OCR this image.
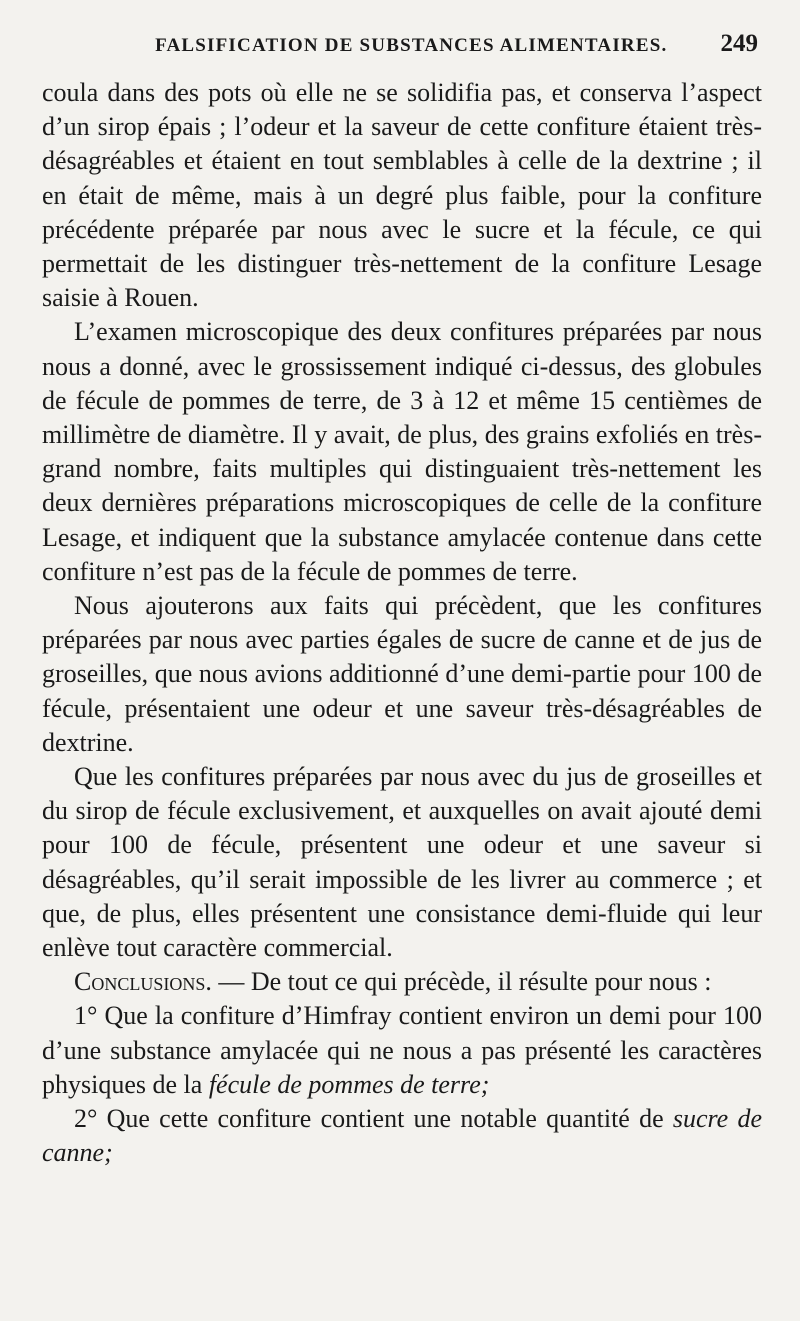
FALSIFICATION DE SUBSTANCES ALIMENTAIRES.	249

coula dans des pots où elle ne se solidifia pas, et conserva l’aspect d’un sirop épais ; l’odeur et la saveur de cette confiture étaient très-désagréables et étaient en tout semblables à celle de la dextrine ; il en était de même, mais à un degré plus faible, pour la confiture précédente préparée par nous avec le sucre et la fécule, ce qui permettait de les distinguer très-nettement de la confiture Lesage saisie à Rouen.

L’examen microscopique des deux confitures préparées par nous nous a donné, avec le grossissement indiqué ci-dessus, des globules de fécule de pommes de terre, de 3 à 12 et même 15 centièmes de millimètre de diamètre. Il y avait, de plus, des grains exfoliés en très-grand nombre, faits multiples qui distinguaient très-nettement les deux dernières préparations microscopiques de celle de la confiture Lesage, et indiquent que la substance amylacée contenue dans cette confiture n’est pas de la fécule de pommes de terre.

Nous ajouterons aux faits qui précèdent, que les confitures préparées par nous avec parties égales de sucre de canne et de jus de groseilles, que nous avions additionné d’une demi-partie pour 100 de fécule, présentaient une odeur et une saveur très-désagréables de dextrine.

Que les confitures préparées par nous avec du jus de groseilles et du sirop de fécule exclusivement, et auxquelles on avait ajouté demi pour 100 de fécule, présentent une odeur et une saveur si désagréables, qu’il serait impossible de les livrer au commerce ; et que, de plus, elles présentent une consistance demi-fluide qui leur enlève tout caractère commercial.

Conclusions. — De tout ce qui précède, il résulte pour nous :

1° Que la confiture d’Himfray contient environ un demi pour 100 d’une substance amylacée qui ne nous a pas présenté les caractères physiques de la fécule de pommes de terre;

2° Que cette confiture contient une notable quantité de sucre de canne;
